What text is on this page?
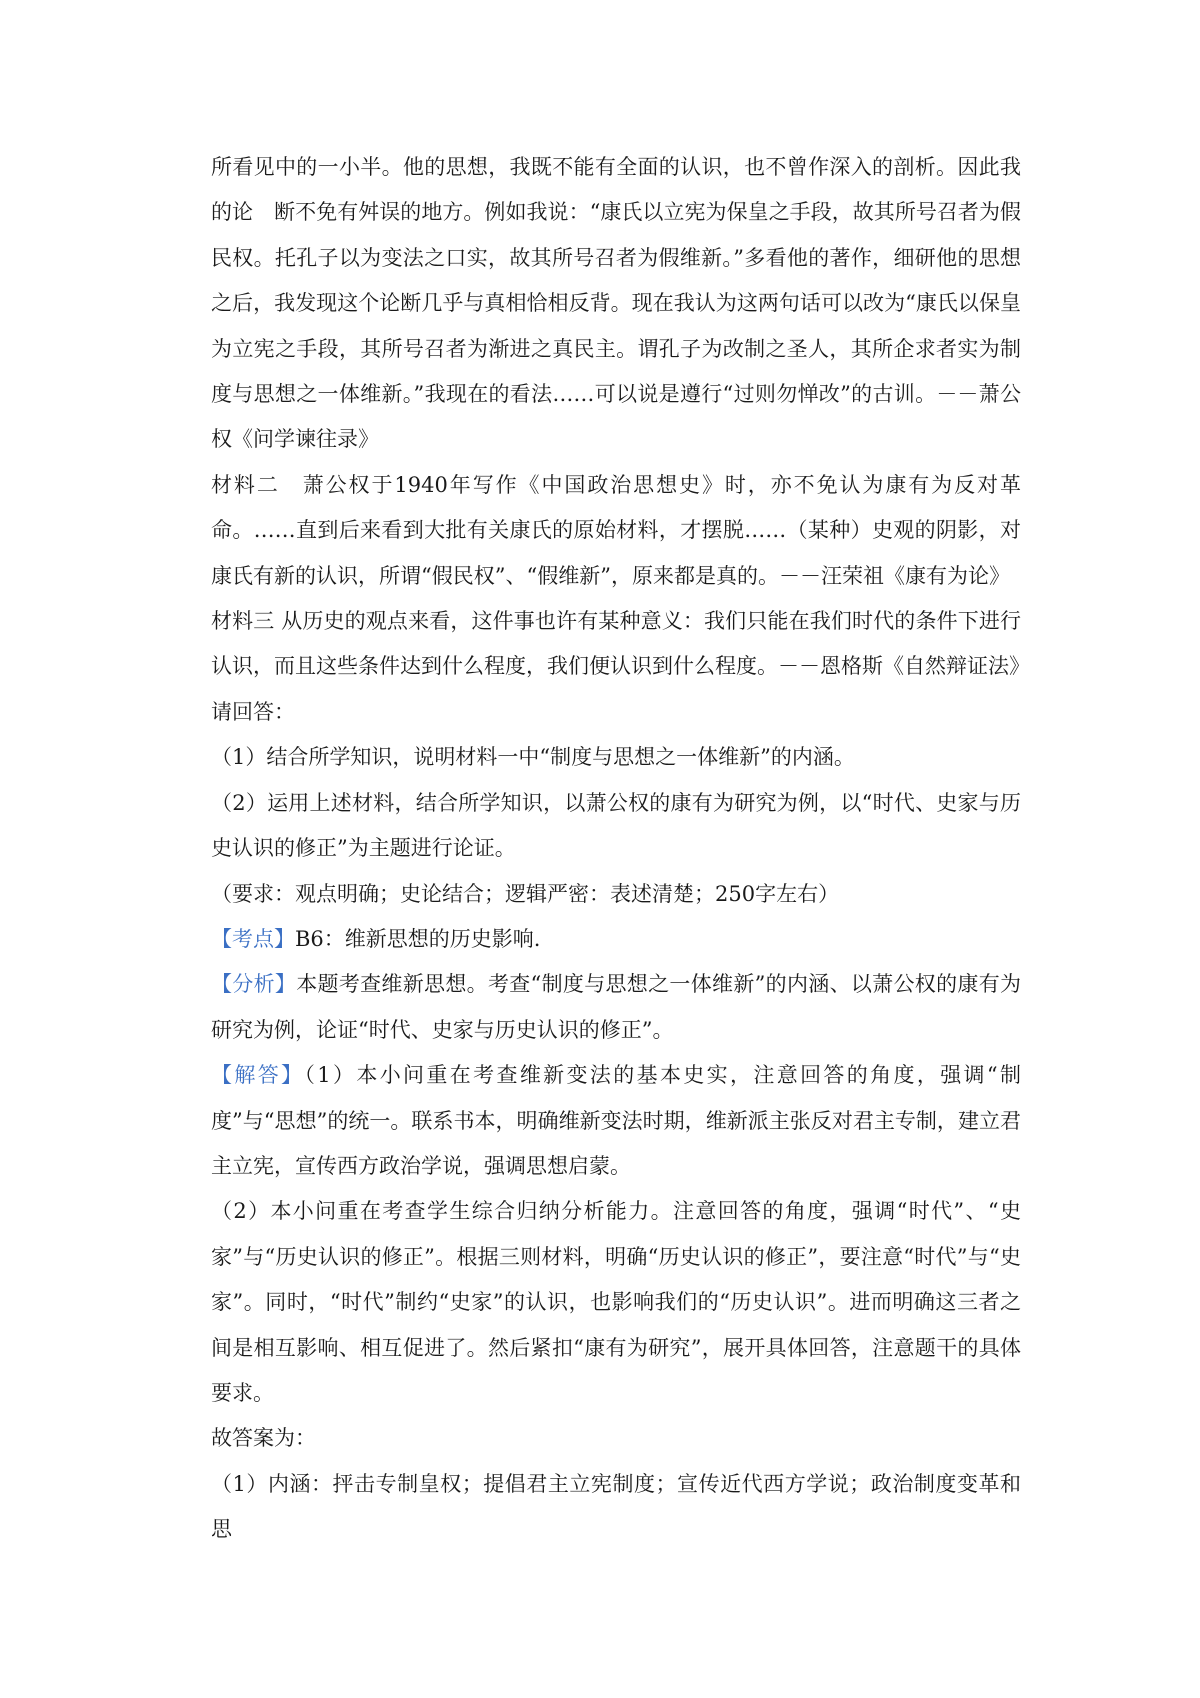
所看见中的一小半。他的思想，我既不能有全面的认识，也不曾作深入的剖析。因此我的论　断不免有舛误的地方。例如我说：“康氏以立宪为保皇之手段，故其所号召者为假民权。托孔子以为变法之口实，故其所号召者为假维新。”多看他的著作，细研他的思想之后，我发现这个论断几乎与真相恰相反背。现在我认为这两句话可以改为“康氏以保皇为立宪之手段，其所号召者为渐进之真民主。谓孔子为改制之圣人，其所企求者实为制度与思想之一体维新。”我现在的看法……可以说是遵行“过则勿惮改”的古训。－－萧公权《问学谏往录》

材料二　萧公权于1940年写作《中国政治思想史》时，亦不免认为康有为反对革命。……直到后来看到大批有关康氏的原始材料，才摆脱……（某种）史观的阴影，对康氏有新的认识，所谓“假民权”、“假维新”，原来都是真的。－－汪荣祖《康有为论》

材料三 从历史的观点来看，这件事也许有某种意义：我们只能在我们时代的条件下进行认识，而且这些条件达到什么程度，我们便认识到什么程度。－－恩格斯《自然辩证法》

请回答：

（1）结合所学知识，说明材料一中“制度与思想之一体维新”的内涵。

（2）运用上述材料，结合所学知识，以萧公权的康有为研究为例，以“时代、史家与历史认识的修正”为主题进行论证。

（要求：观点明确；史论结合；逻辑严密：表述清楚；250字左右）

【考点】B6：维新思想的历史影响.

【分析】本题考查维新思想。考查“制度与思想之一体维新”的内涵、以萧公权的康有为研究为例，论证“时代、史家与历史认识的修正”。

【解答】（1）本小问重在考查维新变法的基本史实，注意回答的角度，强调“制度”与“思想”的统一。联系书本，明确维新变法时期，维新派主张反对君主专制，建立君主立宪，宣传西方政治学说，强调思想启蒙。

（2）本小问重在考查学生综合归纳分析能力。注意回答的角度，强调“时代”、“史家”与“历史认识的修正”。根据三则材料，明确“历史认识的修正”，要注意“时代”与“史家”。同时，“时代”制约“史家”的认识，也影响我们的“历史认识”。进而明确这三者之间是相互影响、相互促进了。然后紧扣“康有为研究”，展开具体回答，注意题干的具体要求。

故答案为：

（1）内涵：抨击专制皇权；提倡君主立宪制度；宣传近代西方学说；政治制度变革和思
